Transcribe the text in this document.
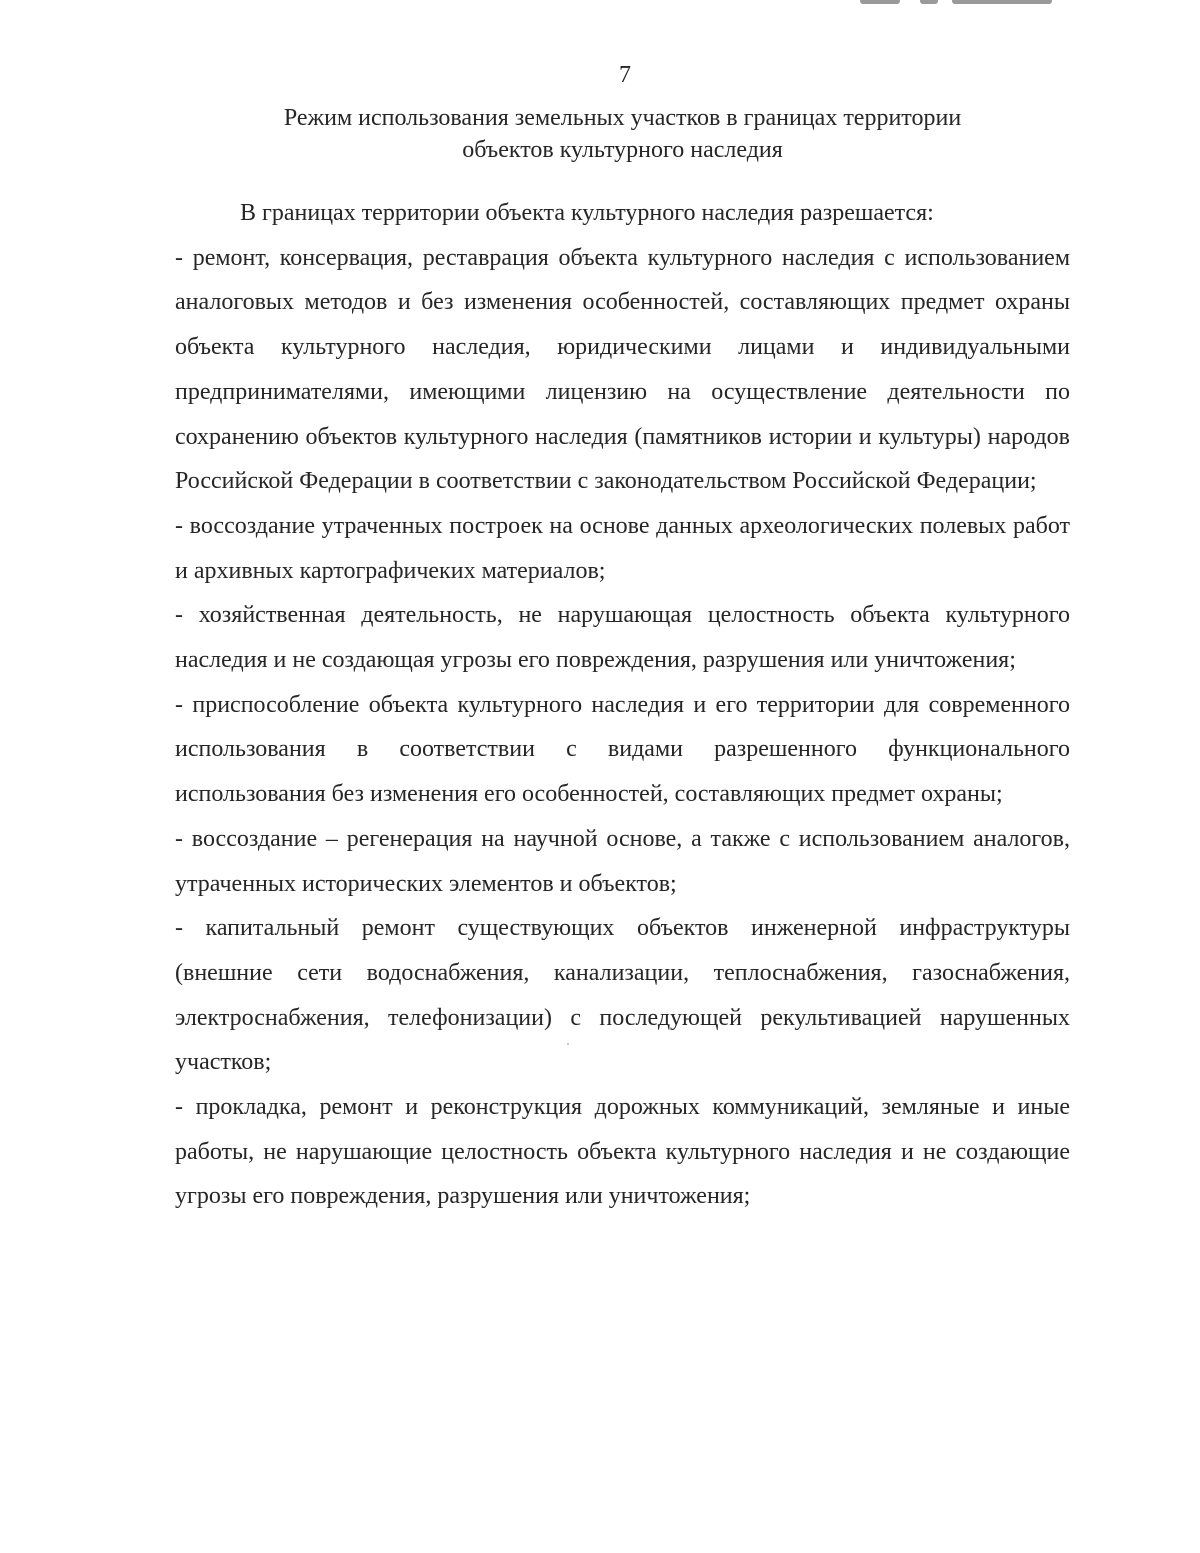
7
Режим использования земельных участков в границах территории
объектов культурного наследия

В границах территории объекта культурного наследия разрешается:

- ремонт, консервация, реставрация объекта культурного наследия с использованием аналоговых методов и без изменения особенностей, составляющих предмет охраны объекта культурного наследия, юридическими лицами и индивидуальными предпринимателями, имеющими лицензию на осуществление деятельности по сохранению объектов культурного наследия (памятников истории и культуры) народов Российской Федерации в соответствии с законодательством Российской Федерации;

- воссоздание утраченных построек на основе данных археологических полевых работ и архивных картографичеких материалов;

- хозяйственная деятельность, не нарушающая целостность объекта культурного наследия и не создающая угрозы его повреждения, разрушения или уничтожения;

- приспособление объекта культурного наследия и его территории для современного использования в соответствии с видами разрешенного функционального использования без изменения его особенностей, составляющих предмет охраны;

- воссоздание – регенерация на научной основе, а также с использованием аналогов, утраченных исторических элементов и объектов;

- капитальный ремонт существующих объектов инженерной инфраструктуры (внешние сети водоснабжения, канализации, теплоснабжения, газоснабжения, электроснабжения, телефонизации) с последующей рекультивацией нарушенных участков;

- прокладка, ремонт и реконструкция дорожных коммуникаций, земляные и иные работы, не нарушающие целостность объекта культурного наследия и не создающие угрозы его повреждения, разрушения или уничтожения;
